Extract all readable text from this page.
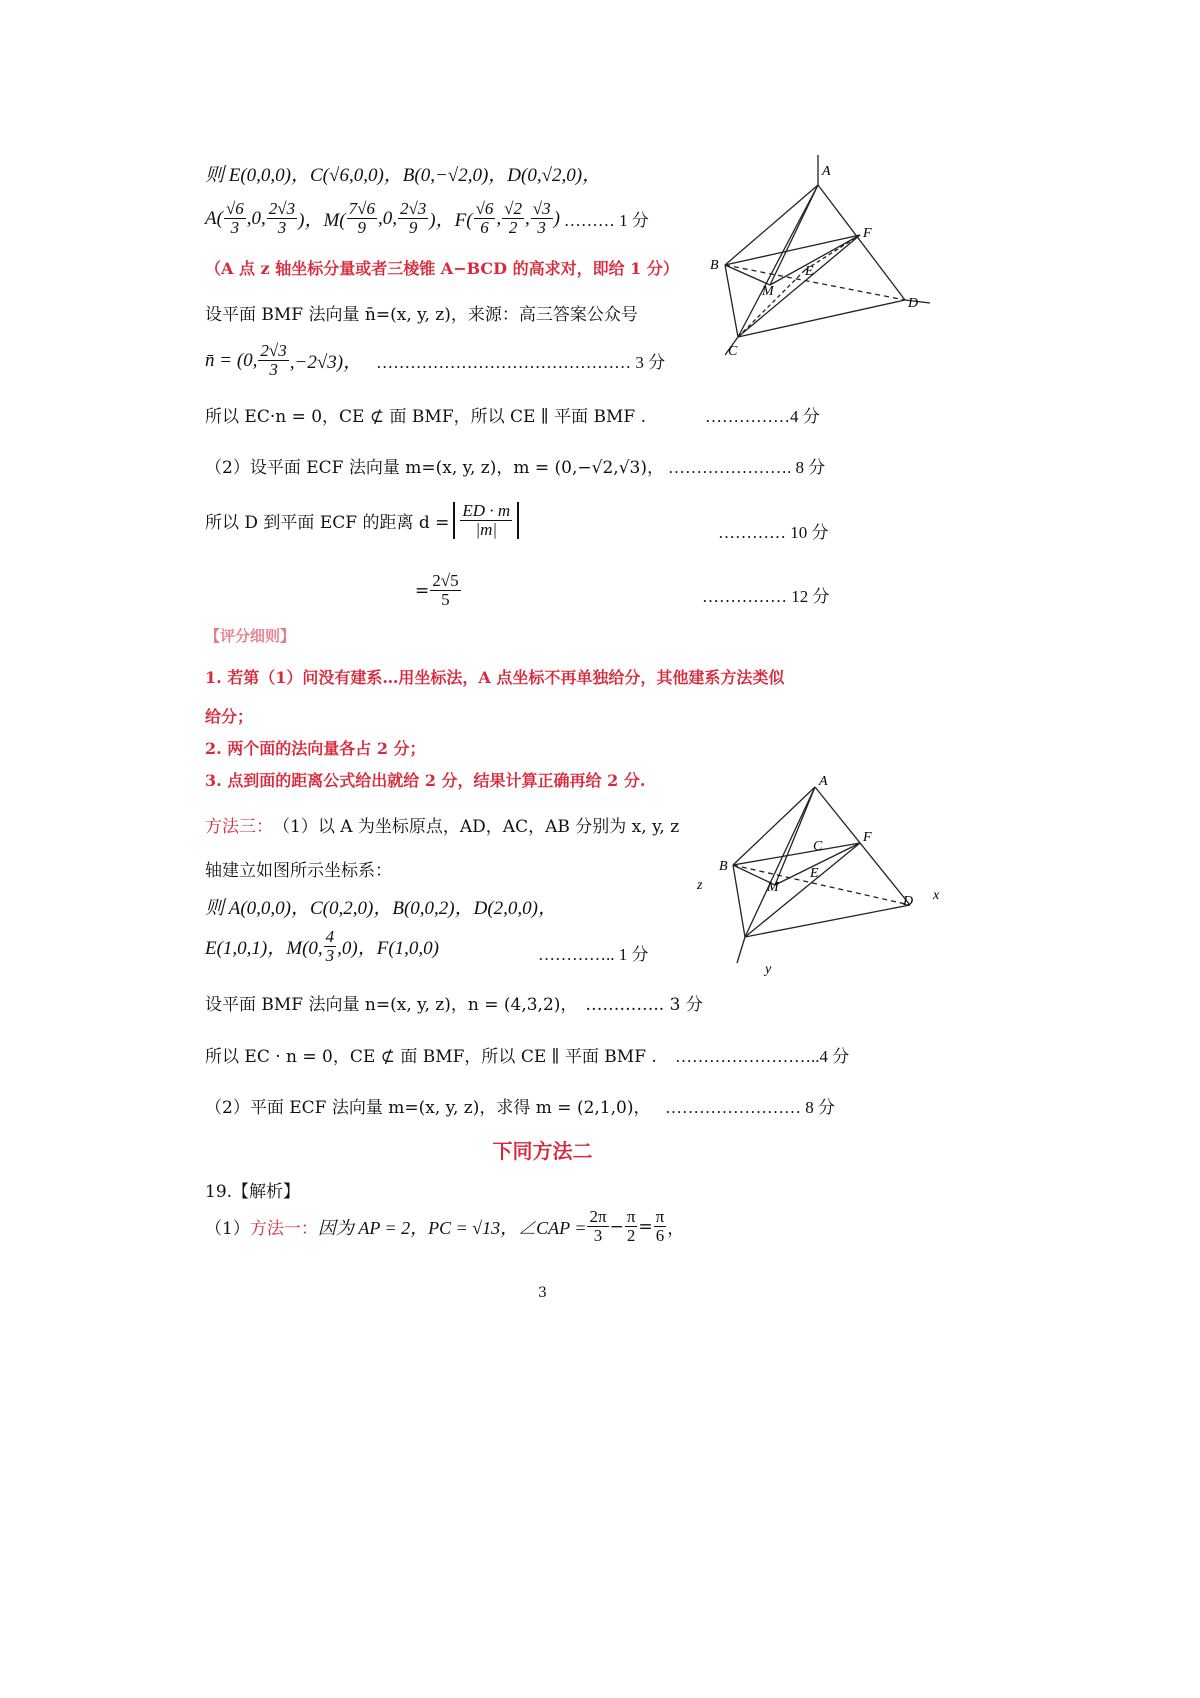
则 E(0,0,0)，C(√6,0,0)，B(0,−√2,0)，D(0,√2,0)，
$A( \frac{√6}{3} ,0$, $\frac{2√3}{3}$ )，$M( \frac{7√6}{9} ,0$, $\frac{2√3}{9}$ )，$F( \frac{√6}{6}$ , $\frac{√2}{2}$ , $\frac{√3}{3}$ ) ……… 1 分
（A 点 z 轴坐标分量或者三棱锥 A−BCD 的高求对，即给 1 分）
设平面 BMF 法向量 n̄=(x, y, z)，来源：高三答案公众号
n̄ = (0, $\frac{2√3}{3} ,-2√3$)， ……………………………………… 3 分
所以 EC·n = 0，CE ⊄ 面 BMF，所以 CE ∥ 平面 BMF .	……………4 分
（2）设平面 ECF 法向量 m=(x, y, z)，m = (0,−√2,√3)， …………………. 8 分
所以 D 到平面 ECF 的距离 $d = \frac{ED \cdot m}{|m|}$	………… 10 分
= $\frac{2√5}{5}$	…………… 12 分
【评分细则】
1. 若第（1）问没有建系…用坐标法，A 点坐标不再单独给分，其他建系方法类似
给分；
2. 两个面的法向量各占 2 分；
3. 点到面的距离公式给出就给 2 分，结果计算正确再给 2 分.
方法三： （1）以 A 为坐标原点，AD，AC，AB 分别为 x, y, z
轴建立如图所示坐标系：
则 A(0,0,0)，C(0,2,0)，B(0,0,2)，D(2,0,0)，
E(1,0,1)，M(0, $\frac{4}{3} ,0$)，F(1,0,0)	………….. 1 分
设平面 BMF 法向量 n=(x, y, z)，n = (4,3,2)， ………….. 3 分
所以 EC · n = 0，CE ⊄ 面 BMF，所以 CE ∥ 平面 BMF . ……………………..4 分
（2）平面 ECF 法向量 m=(x, y, z)，求得 m = (2,1,0)， …………………… 8 分
下同方法二
19.【解析】
（1） 方法一： 因为 AP = 2，PC = √13，∠CAP = $\frac{2\pi}{3} - \frac{\pi}{2} = \frac{\pi}{6}$ ，
3
A
B
C
D
E
F
M
A
B
C
D
E
F
M
x
y
z
